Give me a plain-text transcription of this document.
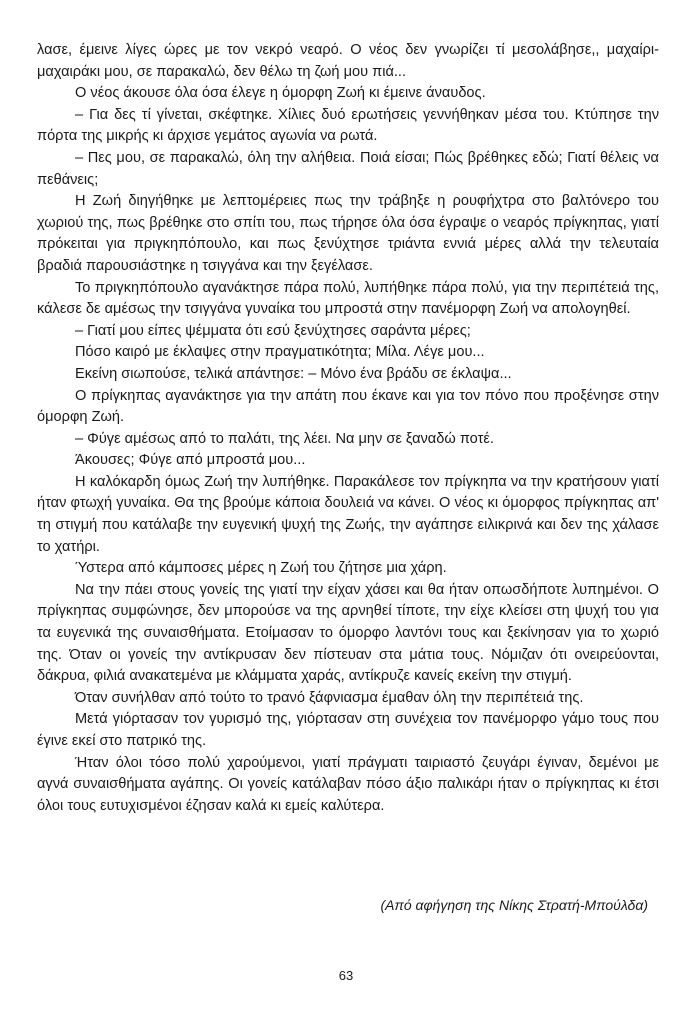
λασε, έμεινε λίγες ώρες με τον νεκρό νεαρό. Ο νέος δεν γνωρίζει τί μεσολάβησε,, μαχαίρι-μαχαιράκι μου, σε παρακαλώ, δεν θέλω τη ζωή μου πιά...

Ο νέος άκουσε όλα όσα έλεγε η όμορφη Ζωή κι έμεινε άναυδος.

– Για δες τί γίνεται, σκέφτηκε. Χίλιες δυό ερωτήσεις γεννήθηκαν μέσα του. Κτύπησε την πόρτα της μικρής κι άρχισε γεμάτος αγωνία να ρωτά.

– Πες μου, σε παρακαλώ, όλη την αλήθεια. Ποιά είσαι; Πώς βρέθηκες εδώ; Γιατί θέλεις να πεθάνεις;

Η Ζωή διηγήθηκε με λεπτομέρειες πως την τράβηξε η ρουφήχτρα στο βαλτόνερο του χωριού της, πως βρέθηκε στο σπίτι του, πως τήρησε όλα όσα έγραψε ο νεαρός πρίγκηπας, γιατί πρόκειται για πριγκηπόπουλο, και πως ξενύχτησε τριάντα εννιά μέρες αλλά την τελευταία βραδιά παρουσιάστηκε η τσιγγάνα και την ξεγέλασε.

Το πριγκηπόπουλο αγανάκτησε πάρα πολύ, λυπήθηκε πάρα πολύ, για την περιπέτειά της, κάλεσε δε αμέσως την τσιγγάνα γυναίκα του μπροστά στην πανέμορφη Ζωή να απολογηθεί.

– Γιατί μου είπες ψέμματα ότι εσύ ξενύχτησες σαράντα μέρες;

Πόσο καιρό με έκλαψες στην πραγματικότητα; Μίλα. Λέγε μου...

Εκείνη σιωπούσε, τελικά απάντησε: – Μόνο ένα βράδυ σε έκλαψα...

Ο πρίγκηπας αγανάκτησε για την απάτη που έκανε και για τον πόνο που προξένησε στην όμορφη Ζωή.

– Φύγε αμέσως από το παλάτι, της λέει. Να μην σε ξαναδώ ποτέ.

Άκουσες; Φύγε από μπροστά μου...

Η καλόκαρδη όμως Ζωή την λυπήθηκε. Παρακάλεσε τον πρίγκηπα να την κρατήσουν γιατί ήταν φτωχή γυναίκα. Θα της βρούμε κάποια δουλειά να κάνει. Ο νέος κι όμορφος πρίγκηπας απ' τη στιγμή που κατάλαβε την ευγενική ψυχή της Ζωής, την αγάπησε ειλικρινά και δεν της χάλασε το χατήρι.

Ύστερα από κάμποσες μέρες η Ζωή του ζήτησε μια χάρη.

Να την πάει στους γονείς της γιατί την είχαν χάσει και θα ήταν οπωσδήποτε λυπημένοι. Ο πρίγκηπας συμφώνησε, δεν μπορούσε να της αρνηθεί τίποτε, την είχε κλείσει στη ψυχή του για τα ευγενικά της συναισθήματα. Ετοίμασαν το όμορφο λαντόνι τους και ξεκίνησαν για το χωριό της. Όταν οι γονείς την αντίκρυσαν δεν πίστευαν στα μάτια τους. Νόμιζαν ότι ονειρεύονται, δάκρυα, φιλιά ανακατεμένα με κλάμματα χαράς, αντίκρυζε κανείς εκείνη την στιγμή.

Όταν συνήλθαν από τούτο το τρανό ξάφνιασμα έμαθαν όλη την περιπέτειά της.

Μετά γιόρτασαν τον γυρισμό της, γιόρτασαν στη συνέχεια τον πανέμορφο γάμο τους που έγινε εκεί στο πατρικό της.

Ήταν όλοι τόσο πολύ χαρούμενοι, γιατί πράγματι ταιριαστό ζευγάρι έγιναν, δεμένοι με αγνά συναισθήματα αγάπης. Οι γονείς κατάλαβαν πόσο άξιο παλικάρι ήταν ο πρίγκηπας κι έτσι όλοι τους ευτυχισμένοι έζησαν καλά κι εμείς καλύτερα.

(Από αφήγηση της Νίκης Στρατή-Μπούλδα)

63
